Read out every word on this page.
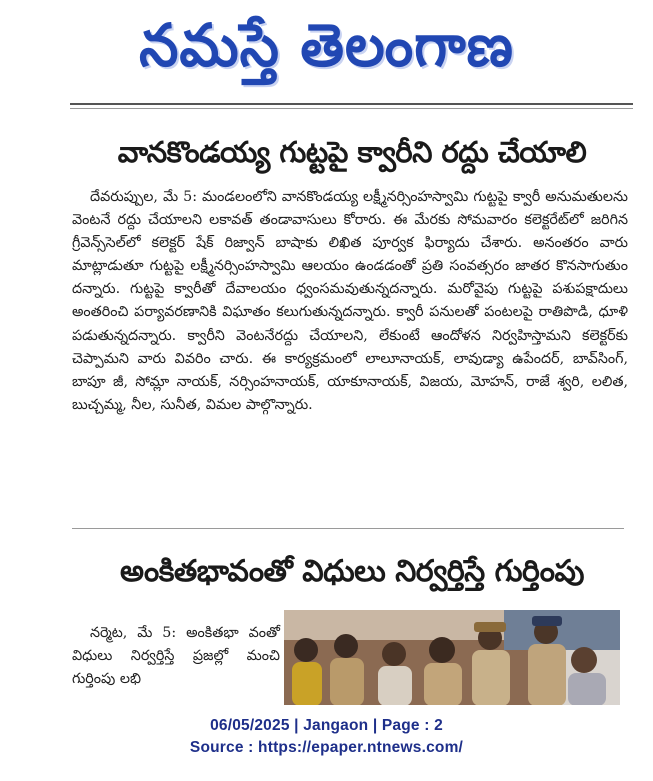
నమస్తే తెలంగాణ
వానకొండయ్య గుట్టపై క్వారీని రద్దు చేయాలి

దేవరుప్పుల, మే 5: మండలంలోని వానకొండయ్య లక్ష్మీనర్సింహస్వామి గుట్టపై క్వారీ అనుమతులను వెంటనే రద్దు చేయాలని లకావత్ తండావాసులు కోరారు. ఈ మేరకు సోమవారం కలెక్టరేట్‌లో జరిగిన గ్రీవెన్స్‌సెల్‌లో కలెక్టర్ షేక్ రిజ్వాన్ బాషాకు లిఖిత పూర్వక ఫిర్యాదు చేశారు. అనంతరం వారు మాట్లాడుతూ గుట్టపై లక్ష్మీనర్సింహస్వామి ఆలయం ఉండడంతో ప్రతి సంవత్సరం జాతర కొనసాగుతుం దన్నారు. గుట్టపై క్వారీతో దేవాలయం ధ్వంసమవుతున్నదన్నారు. మరోవైపు గుట్టపై పశుపక్షాదులు అంతరించి పర్యావరణానికి విఘాతం కలుగుతున్నదన్నారు. క్వారీ పనులతో పంటలపై రాతిపొడి, ధూళి పడుతున్నదన్నారు. క్వారీని వెంటనేరద్దు చేయాలని, లేకుంటే ఆందోళన నిర్వహిస్తామని కలెక్టర్‌కు చెప్పామని వారు వివరిం చారు. ఈ కార్యక్రమంలో లాలూనాయక్, లావుడ్యా ఉపేందర్, బావ్‌సింగ్, బాపూ జీ, సోమ్లా నాయక్, నర్సింహనాయక్, యాకూనాయక్, విజయ, మోహన్, రాజే శ్వరి, లలిత, బుచ్చమ్మ, నీల, సునీత, విమల పాల్గొన్నారు.

అంకితభావంతో విధులు నిర్వర్తిస్తే గుర్తింపు

నర్మెట, మే 5: అంకితభా వంతో విధులు నిర్వర్తిస్తే ప్రజల్లో మంచి గుర్తింపు లభి

06/05/2025 | Jangaon | Page : 2
Source : https://epaper.ntnews.com/
